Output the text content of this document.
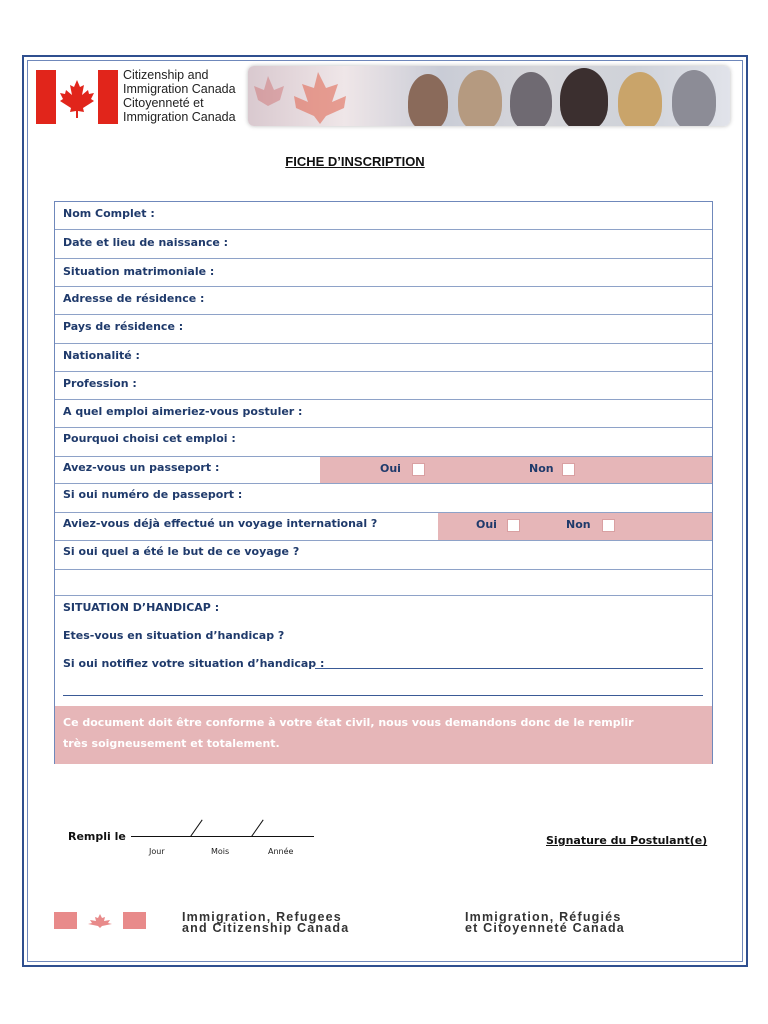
Citizenship and
Immigration Canada
Citoyenneté et
Immigration Canada
FICHE D’INSCRIPTION
Nom Complet :
Date et lieu de naissance :
Situation matrimoniale :
Adresse de résidence :
Pays de résidence :
Nationalité :
Profession :
A quel emploi aimeriez-vous postuler :
Pourquoi choisi cet emploi :
Avez-vous un passeport :	Oui	Non
Si oui numéro de passeport :
Aviez-vous déjà effectué un voyage international ?	Oui	Non
Si oui quel a été le but de ce voyage ?
SITUATION D’HANDICAP :
Etes-vous en situation d’handicap ?
Si oui notifiez votre situation d’handicap :
Ce document doit être conforme à votre état civil, nous vous demandons donc de le remplir
très soigneusement et totalement.
Rempli le
Jour	Mois	Année
Signature du Postulant(e)
Immigration, Refugees
and Citizenship Canada
Immigration, Réfugiés
et Citoyenneté Canada
